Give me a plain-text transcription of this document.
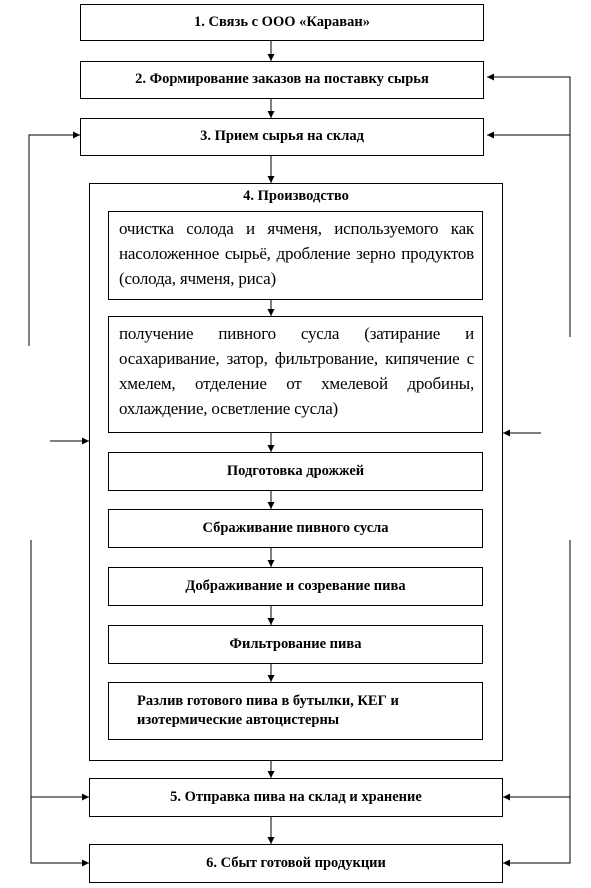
1. Связь с ООО «Караван»
2. Формирование заказов на поставку сырья
3. Прием сырья на склад
4. Производство
очистка солода и ячменя, используемого как насоложенное сырьё, дробление зерно продуктов (солода, ячменя, риса)
получение пивного сусла (затирание и осахаривание, затор, фильтрование, кипячение с хмелем, отделение от хмелевой дробины, охлаждение, осветление сусла)
Подготовка дрожжей
Сбраживание пивного сусла
Дображивание и созревание пива
Фильтрование пива
Разлив готового пива в бутылки, КЕГ и
изотермические автоцистерны
5. Отправка пива на склад и хранение
6. Сбыт готовой продукции
